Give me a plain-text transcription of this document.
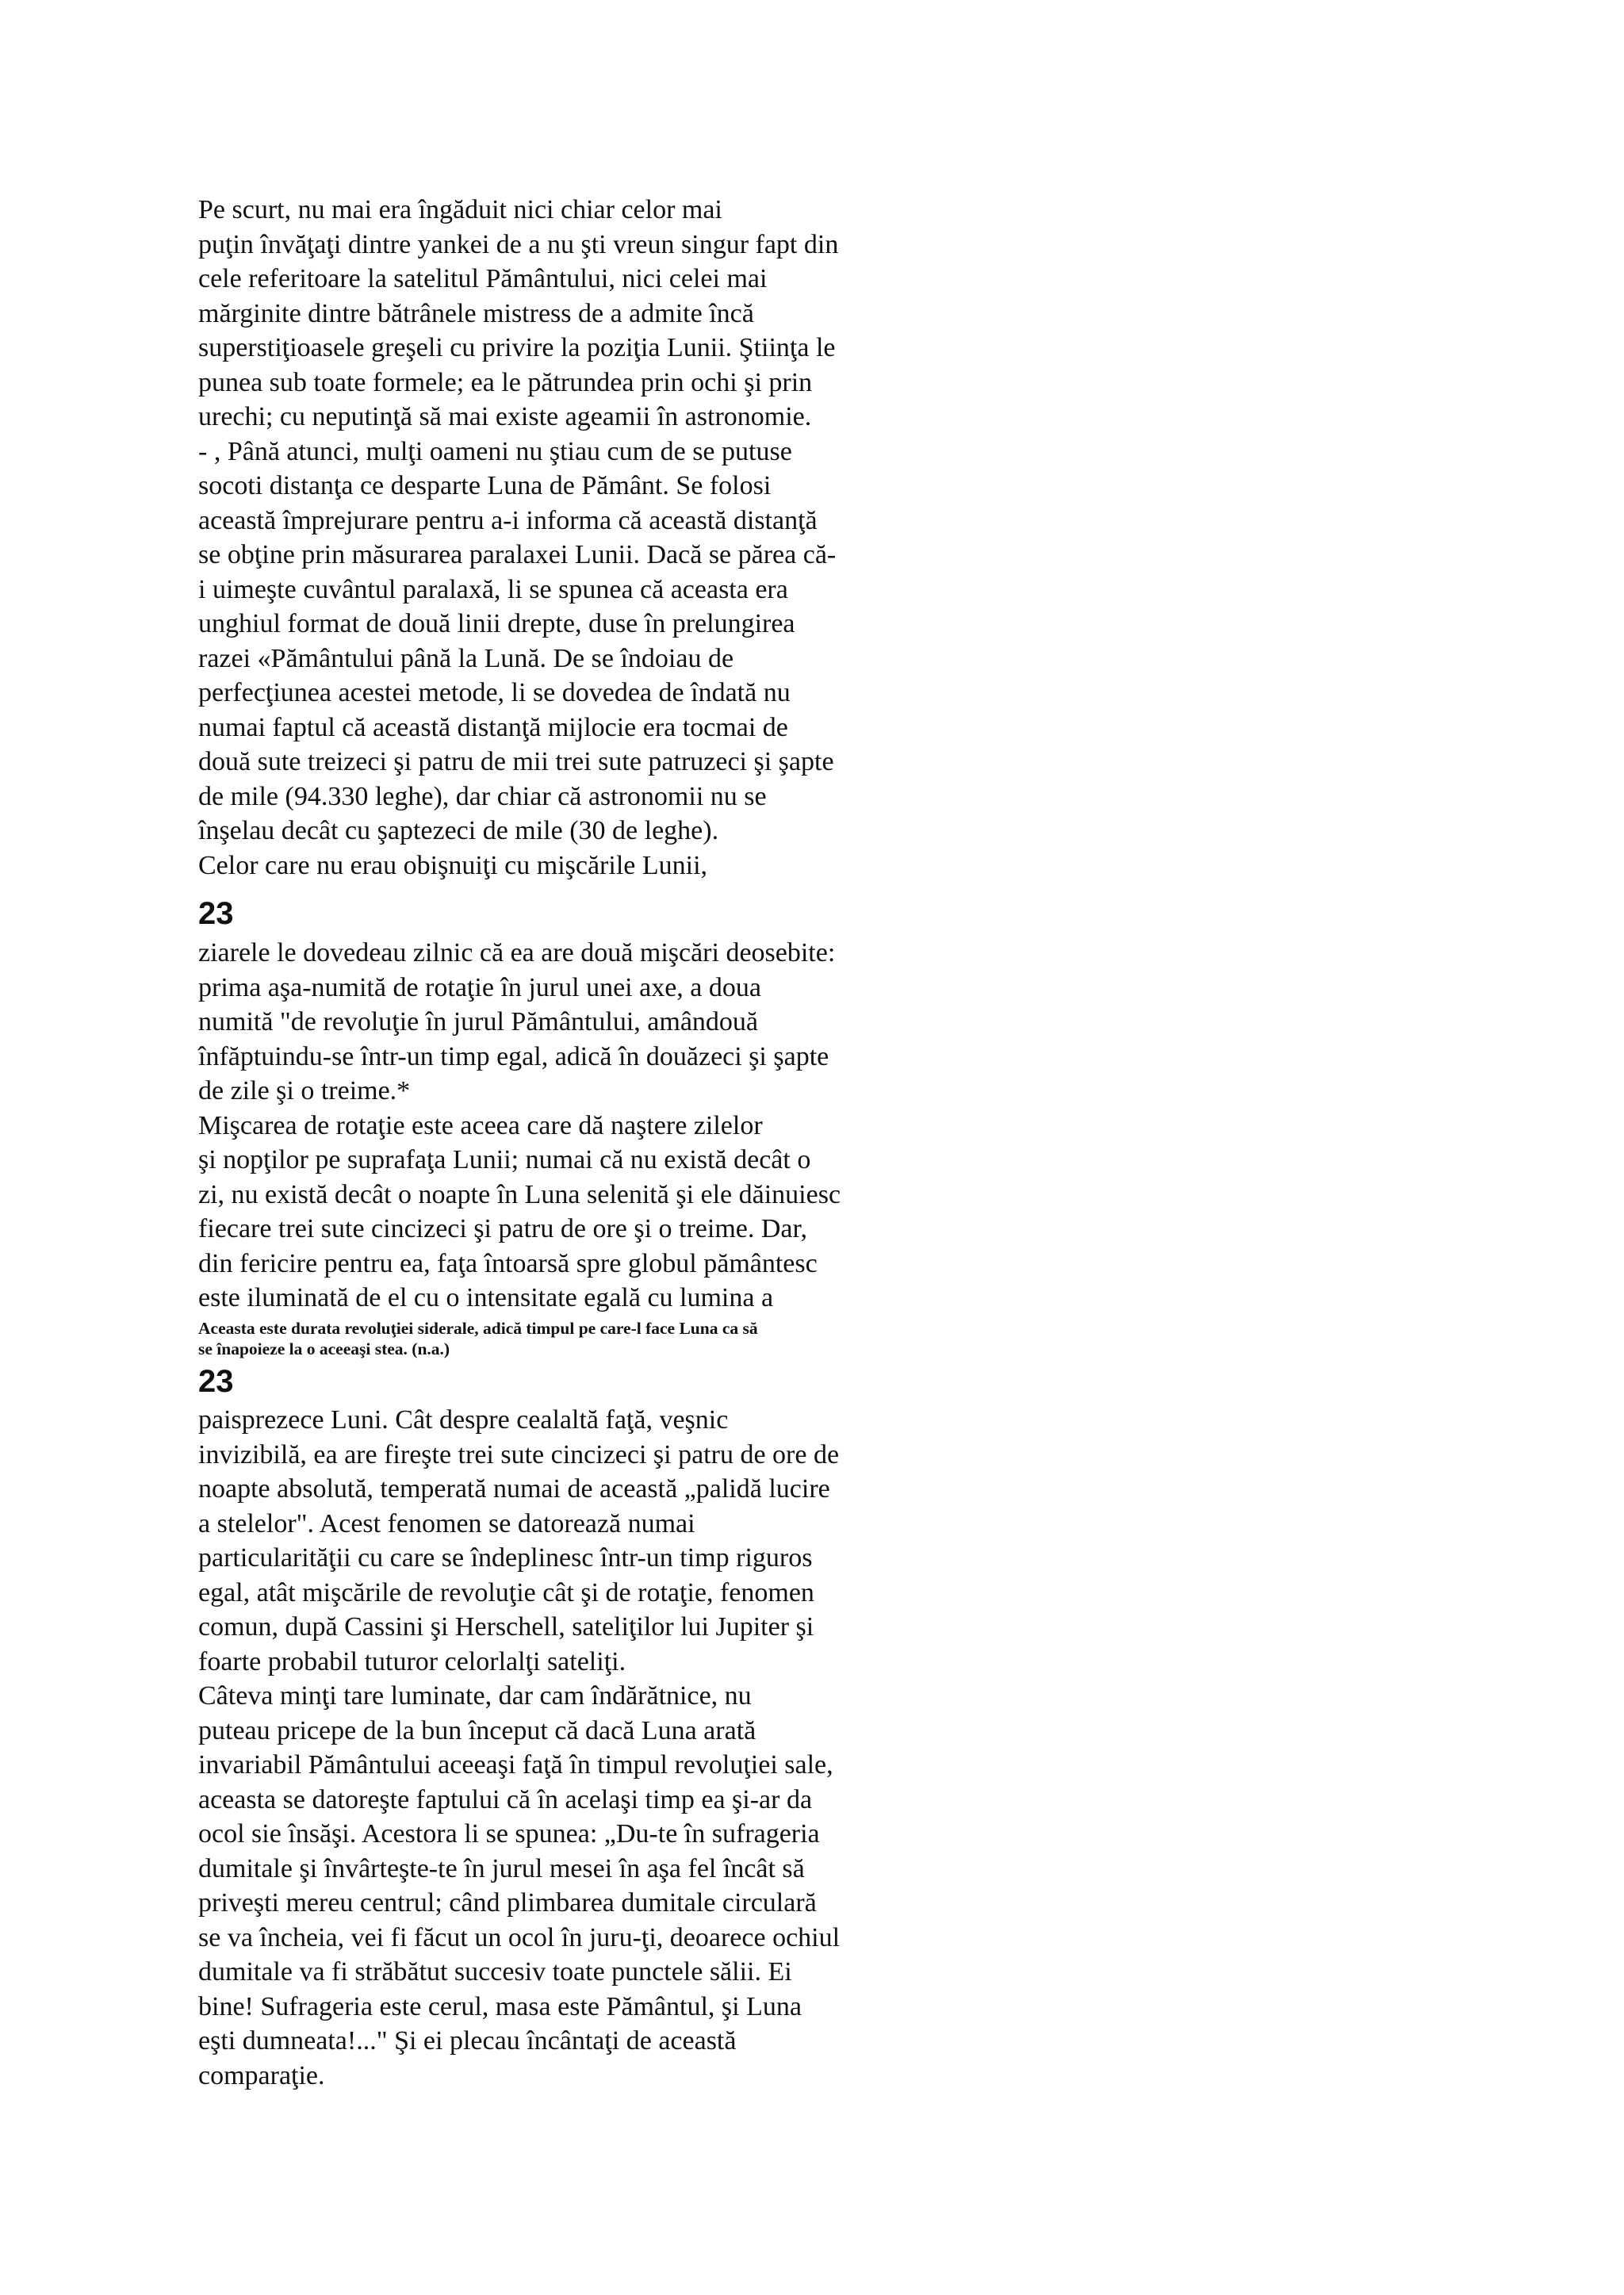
Pe scurt, nu mai era îngăduit nici chiar celor mai
puţin învăţaţi dintre yankei de a nu şti vreun singur fapt din
cele referitoare la satelitul Pământului, nici celei mai
mărginite dintre bătrânele mistress de a admite încă
superstiţioasele greşeli cu privire la poziţia Lunii. Ştiinţa le
punea sub toate formele; ea le pătrundea prin ochi şi prin
urechi; cu neputinţă să mai existe ageamii în astronomie.
- , Până atunci, mulţi oameni nu ştiau cum de se putuse
socoti distanţa ce desparte Luna de Pământ. Se folosi
această împrejurare pentru a-i informa că această distanţă
se obţine prin măsurarea paralaxei Lunii. Dacă se părea că-
i uimeşte cuvântul paralaxă, li se spunea că aceasta era
unghiul format de două linii drepte, duse în prelungirea
razei «Pământului până la Lună. De se îndoiau de
perfecţiunea acestei metode, li se dovedea de îndată nu
numai faptul că această distanţă mijlocie era tocmai de
două sute treizeci şi patru de mii trei sute patruzeci şi şapte
de mile (94.330 leghe), dar chiar că astronomii nu se
înşelau decât cu şaptezeci de mile (30 de leghe).
Celor care nu erau obişnuiţi cu mişcările Lunii,
23
ziarele le dovedeau zilnic că ea are două mişcări deosebite:
prima aşa-numită de rotaţie în jurul unei axe, a doua
numită "de revoluţie în jurul Pământului, amândouă
înfăptuindu-se într-un timp egal, adică în douăzeci şi şapte
de zile şi o treime.*
Mişcarea de rotaţie este aceea care dă naştere zilelor
şi nopţilor pe suprafaţa Lunii; numai că nu există decât o
zi, nu există decât o noapte în Luna selenită şi ele dăinuiesc
fiecare trei sute cincizeci şi patru de ore şi o treime. Dar,
din fericire pentru ea, faţa întoarsă spre globul pământesc
este iluminată de el cu o intensitate egală cu lumina a
Aceasta este durata revoluţiei siderale, adică timpul pe care-l face Luna ca să
se înapoieze la o aceeaşi stea. (n.a.)
23
paisprezece Luni. Cât despre cealaltă faţă, veşnic
invizibilă, ea are fireşte trei sute cincizeci şi patru de ore de
noapte absolută, temperată numai de această „palidă lucire
a stelelor". Acest fenomen se datorează numai
particularităţii cu care se îndeplinesc într-un timp riguros
egal, atât mişcările de revoluţie cât şi de rotaţie, fenomen
comun, după Cassini şi Herschell, sateliţilor lui Jupiter şi
foarte probabil tuturor celorlalţi sateliţi.
Câteva minţi tare luminate, dar cam îndărătnice, nu
puteau pricepe de la bun început că dacă Luna arată
invariabil Pământului aceeaşi faţă în timpul revoluţiei sale,
aceasta se datoreşte faptului că în acelaşi timp ea şi-ar da
ocol sie însăşi. Acestora li se spunea: „Du-te în sufrageria
dumitale şi învârteşte-te în jurul mesei în aşa fel încât să
priveşti mereu centrul; când plimbarea dumitale circulară
se va încheia, vei fi făcut un ocol în juru-ţi, deoarece ochiul
dumitale va fi străbătut succesiv toate punctele sălii. Ei
bine! Sufrageria este cerul, masa este Pământul, şi Luna
eşti dumneata!..." Şi ei plecau încântaţi de această
comparaţie.
